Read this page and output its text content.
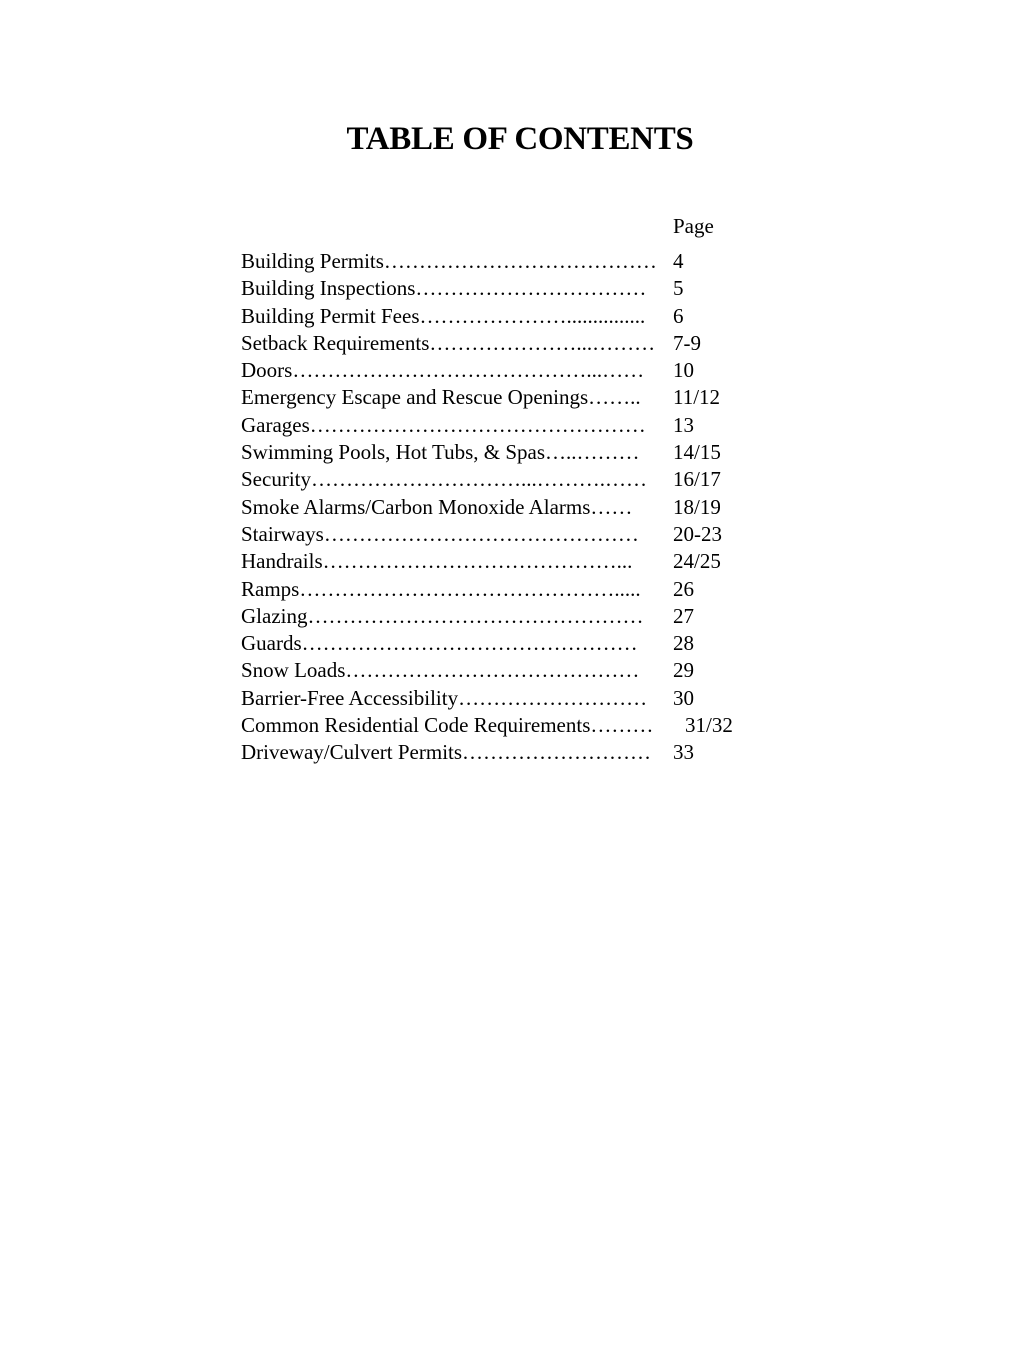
TABLE OF CONTENTS
Page
Building Permits………………………………… 4
Building Inspections…………………………… 5
Building Permit Fees…………………............... 6
Setback Requirements…………………...……… 7-9
Doors……………………………………...…… 10
Emergency Escape and Rescue Openings…….. 11/12
Garages………………………………………… 13
Swimming Pools, Hot Tubs, & Spas…..……… 14/15
Security…………………………...……….…… 16/17
Smoke Alarms/Carbon Monoxide Alarms…… 18/19
Stairways……………………………………… 20-23
Handrails……………………………………... 24/25
Ramps………………………………………..... 26
Glazing………………………………………… 27
Guards………………………………………… 28
Snow Loads…………………………………… 29
Barrier-Free Accessibility……………………… 30
Common Residential Code Requirements……… 31/32
Driveway/Culvert Permits……………………… 33
